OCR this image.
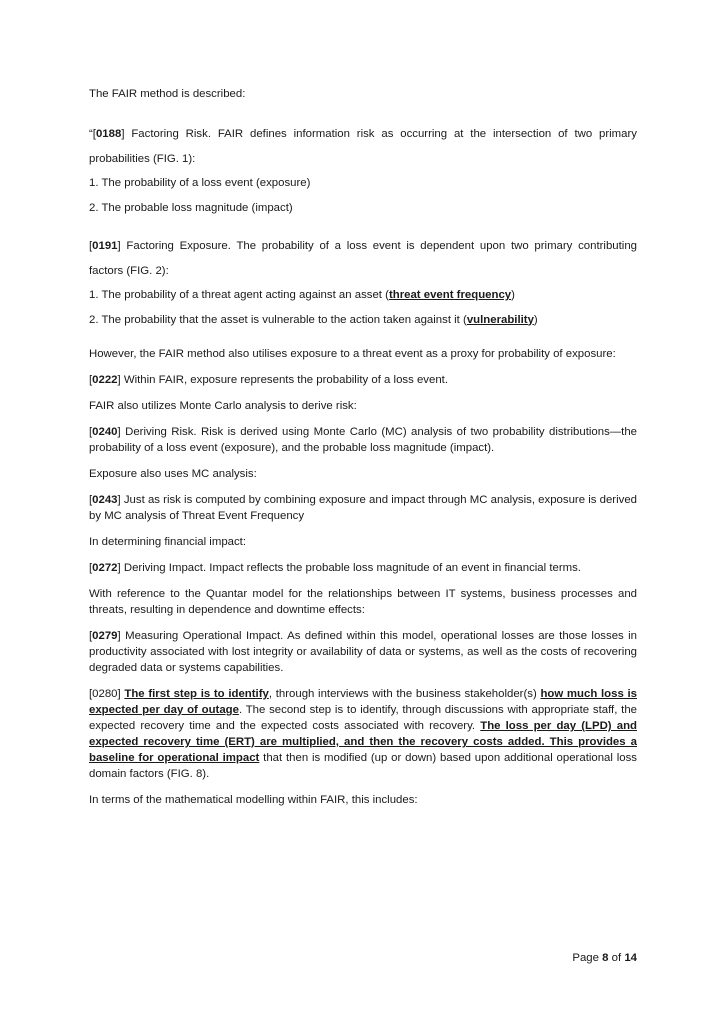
The FAIR method is described:

“[0188] Factoring Risk. FAIR defines information risk as occurring at the intersection of two primary probabilities (FIG. 1):

1. The probability of a loss event (exposure)

2. The probable loss magnitude (impact)

[0191] Factoring Exposure. The probability of a loss event is dependent upon two primary contributing factors (FIG. 2):

1. The probability of a threat agent acting against an asset (threat event frequency)

2. The probability that the asset is vulnerable to the action taken against it (vulnerability)

However, the FAIR method also utilises exposure to a threat event as a proxy for probability of exposure:

[0222] Within FAIR, exposure represents the probability of a loss event.

FAIR also utilizes Monte Carlo analysis to derive risk:

[0240] Deriving Risk. Risk is derived using Monte Carlo (MC) analysis of two probability distributions—the probability of a loss event (exposure), and the probable loss magnitude (impact).

Exposure also uses MC analysis:

[0243] Just as risk is computed by combining exposure and impact through MC analysis, exposure is derived by MC analysis of Threat Event Frequency

In determining financial impact:

[0272] Deriving Impact. Impact reflects the probable loss magnitude of an event in financial terms.

With reference to the Quantar model for the relationships between IT systems, business processes and threats, resulting in dependence and downtime effects:

[0279] Measuring Operational Impact. As defined within this model, operational losses are those losses in productivity associated with lost integrity or availability of data or systems, as well as the costs of recovering degraded data or systems capabilities.

[0280] The first step is to identify, through interviews with the business stakeholder(s) how much loss is expected per day of outage. The second step is to identify, through discussions with appropriate staff, the expected recovery time and the expected costs associated with recovery. The loss per day (LPD) and expected recovery time (ERT) are multiplied, and then the recovery costs added. This provides a baseline for operational impact that then is modified (up or down) based upon additional operational loss domain factors (FIG. 8).

In terms of the mathematical modelling within FAIR, this includes:

Page 8 of 14
